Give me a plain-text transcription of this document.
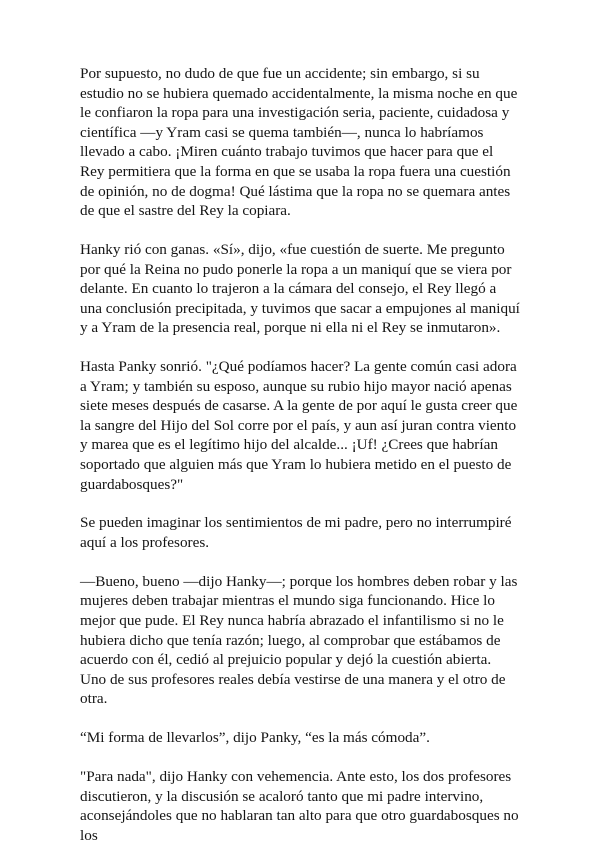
Por supuesto, no dudo de que fue un accidente; sin embargo, si su estudio no se hubiera quemado accidentalmente, la misma noche en que le confiaron la ropa para una investigación seria, paciente, cuidadosa y científica —y Yram casi se quema también—, nunca lo habríamos llevado a cabo. ¡Miren cuánto trabajo tuvimos que hacer para que el Rey permitiera que la forma en que se usaba la ropa fuera una cuestión de opinión, no de dogma! Qué lástima que la ropa no se quemara antes de que el sastre del Rey la copiara.

Hanky rió con ganas. «Sí», dijo, «fue cuestión de suerte. Me pregunto por qué la Reina no pudo ponerle la ropa a un maniquí que se viera por delante. En cuanto lo trajeron a la cámara del consejo, el Rey llegó a una conclusión precipitada, y tuvimos que sacar a empujones al maniquí y a Yram de la presencia real, porque ni ella ni el Rey se inmutaron».

Hasta Panky sonrió. "¿Qué podíamos hacer? La gente común casi adora a Yram; y también su esposo, aunque su rubio hijo mayor nació apenas siete meses después de casarse. A la gente de por aquí le gusta creer que la sangre del Hijo del Sol corre por el país, y aun así juran contra viento y marea que es el legítimo hijo del alcalde... ¡Uf! ¿Crees que habrían soportado que alguien más que Yram lo hubiera metido en el puesto de guardabosques?"

Se pueden imaginar los sentimientos de mi padre, pero no interrumpiré aquí a los profesores.

—Bueno, bueno —dijo Hanky—; porque los hombres deben robar y las mujeres deben trabajar mientras el mundo siga funcionando. Hice lo mejor que pude. El Rey nunca habría abrazado el infantilismo si no le hubiera dicho que tenía razón; luego, al comprobar que estábamos de acuerdo con él, cedió al prejuicio popular y dejó la cuestión abierta. Uno de sus profesores reales debía vestirse de una manera y el otro de otra.

“Mi forma de llevarlos”, dijo Panky, “es la más cómoda”.

"Para nada", dijo Hanky con vehemencia. Ante esto, los dos profesores discutieron, y la discusión se acaloró tanto que mi padre intervino, aconsejándoles que no hablaran tan alto para que otro guardabosques no los
